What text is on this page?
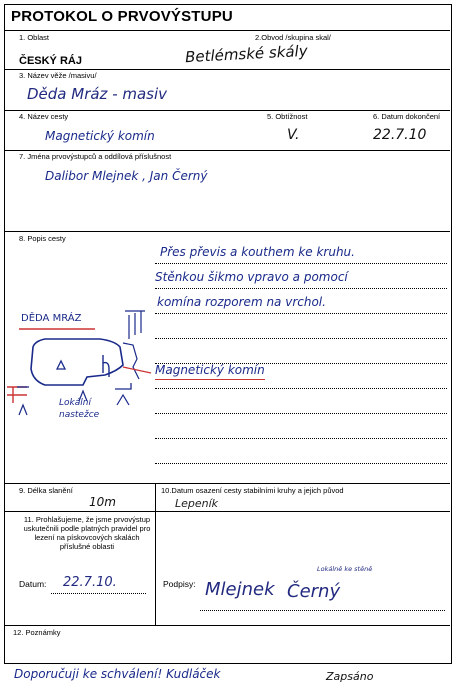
PROTOKOL O PRVOVÝSTUPU
1. Oblast	2.Obvod /skupina skal/
ČESKÝ RÁJ	Betlémské skály
3. Název věže /masivu/
Děda Mráz - masiv
4. Název cesty	5. Obtížnost	6. Datum dokončení
Magnetický komín	V.	22.7.10
7. Jména prvovýstupců a oddílová příslušnost
Dalibor Mlejnek , Jan Černý
8. Popis cesty
Přes převis a kouthem ke kruhu.
Stěnkou šikmo vpravo a pomocí
komína rozporem na vrchol.
DĚDA MRÁZ
Lokální nastežce
Magnetický komín
9. Délka slanění	10.Datum osazení cesty stabilními kruhy a jejich původ
10m	Lepeník
11. Prohlašujeme, že jsme prvovýstup uskutečnili podle platných pravidel pro lezení na pískovcových skalách příslušné oblasti
Datum: 22.7.10.	Podpisy: Mlejnek Černý
Lokálně ke stěně
12. Poznámky
Doporučuji ke schválení! Kudláček	Zapsáno
